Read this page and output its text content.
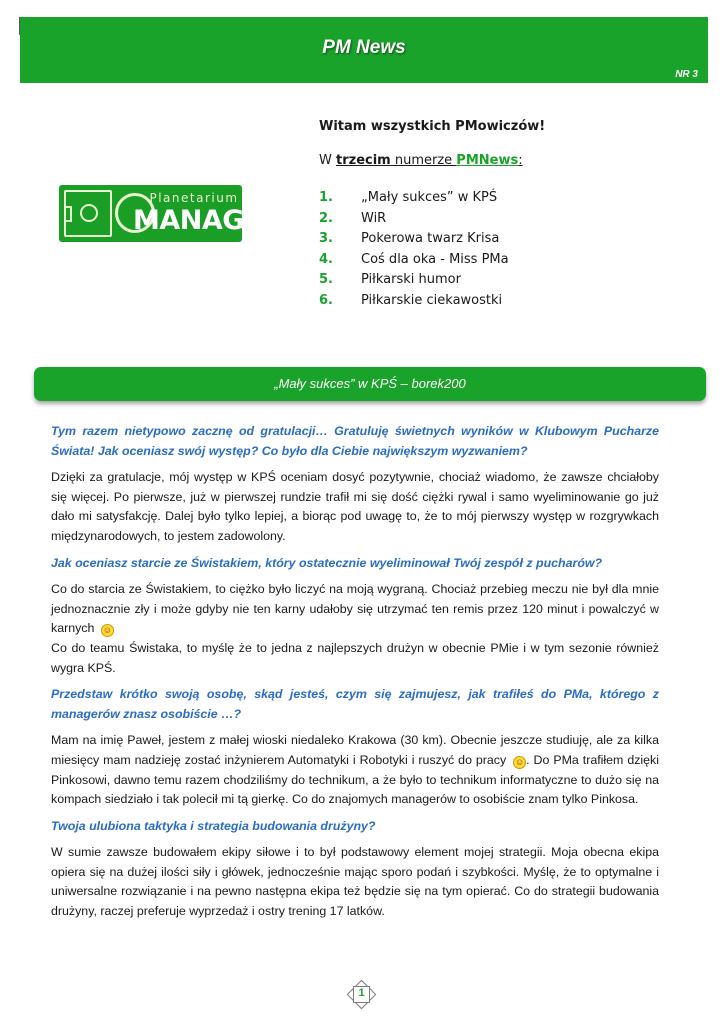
PM News
NR 3
Planetarium
MANAGER
Witam wszystkich PMowiczów!
W trzecim numerze PMNews:
1.	„Mały sukces” w KPŚ
2.	WiR
3.	Pokerowa twarz Krisa
4.	Coś dla oka - Miss PMa
5.	Piłkarski humor
6.	Piłkarskie ciekawostki
„Mały sukces” w KPŚ – borek200
Tym razem nietypowo zacznę od gratulacji… Gratuluję świetnych wyników w Klubowym Pucharze Świata! Jak oceniasz swój występ? Co było dla Ciebie największym wyzwaniem?
Dzięki za gratulacje, mój występ w KPŚ oceniam dosyć pozytywnie, chociaż wiadomo, że zawsze chciałoby się więcej. Po pierwsze, już w pierwszej rundzie trafił mi się dość ciężki rywal i samo wyeliminowanie go już dało mi satysfakcję. Dalej było tylko lepiej, a biorąc pod uwagę to, że to mój pierwszy występ w rozgrywkach międzynarodowych, to jestem zadowolony.
Jak oceniasz starcie ze Świstakiem, który ostatecznie wyeliminował Twój zespół z pucharów?

Co do starcia ze Świstakiem, to ciężko było liczyć na moją wygraną. Chociaż przebieg meczu nie był dla mnie jednoznacznie zły i może gdyby nie ten karny udałoby się utrzymać ten remis przez 120 minut i powalczyć w karnych ☺

Co do teamu Świstaka, to myślę że to jedna z najlepszych drużyn w obecnie PMie i w tym sezonie również wygra KPŚ.

Przedstaw krótko swoją osobę, skąd jesteś, czym się zajmujesz, jak trafiłeś do PMa, którego z managerów znasz osobiście …?
Mam na imię Paweł, jestem z małej wioski niedaleko Krakowa (30 km). Obecnie jeszcze studiuję, ale za kilka miesięcy mam nadzieję zostać inżynierem Automatyki i Robotyki i ruszyć do pracy ☺ . Do PMa trafiłem dzięki Pinkosowi, dawno temu razem chodziliśmy do technikum, a że było to technikum informatyczne to dużo się na kompach siedziało i tak polecił mi tą gierkę. Co do znajomych managerów to osobiście znam tylko Pinkosa.
Twoja ulubiona taktyka i strategia budowania drużyny?
W sumie zawsze budowałem ekipy siłowe i to był podstawowy element mojej strategii. Moja obecna ekipa opiera się na dużej ilości siły i główek, jednocześnie mając sporo podań i szybkości. Myślę, że to optymalne i uniwersalne rozwiązanie i na pewno następna ekipa też będzie się na tym opierać. Co do strategii budowania drużyny, raczej preferuje wyprzedaż i ostry trening 17 latków.
1
